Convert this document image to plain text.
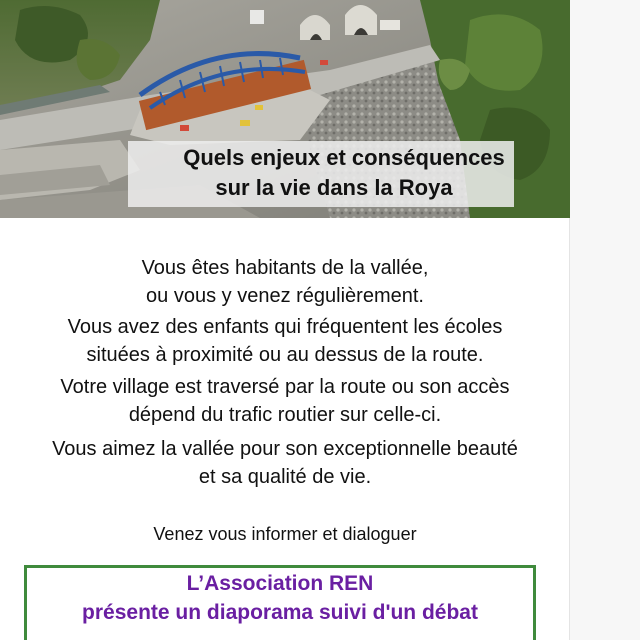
Quels enjeux et conséquences
sur la vie dans la Roya

Vous êtes habitants de la vallée,

ou vous y venez régulièrement.

Vous avez des enfants qui fréquentent les écoles

situées à proximité ou au dessus de la route.

Votre village est traversé par la route ou son accès

dépend du trafic routier sur celle-ci.

Vous aimez la vallée pour son exceptionnelle beauté

et sa qualité de vie.

Venez vous informer et dialoguer
L’Association REN
présente un diaporama suivi d'un débat
